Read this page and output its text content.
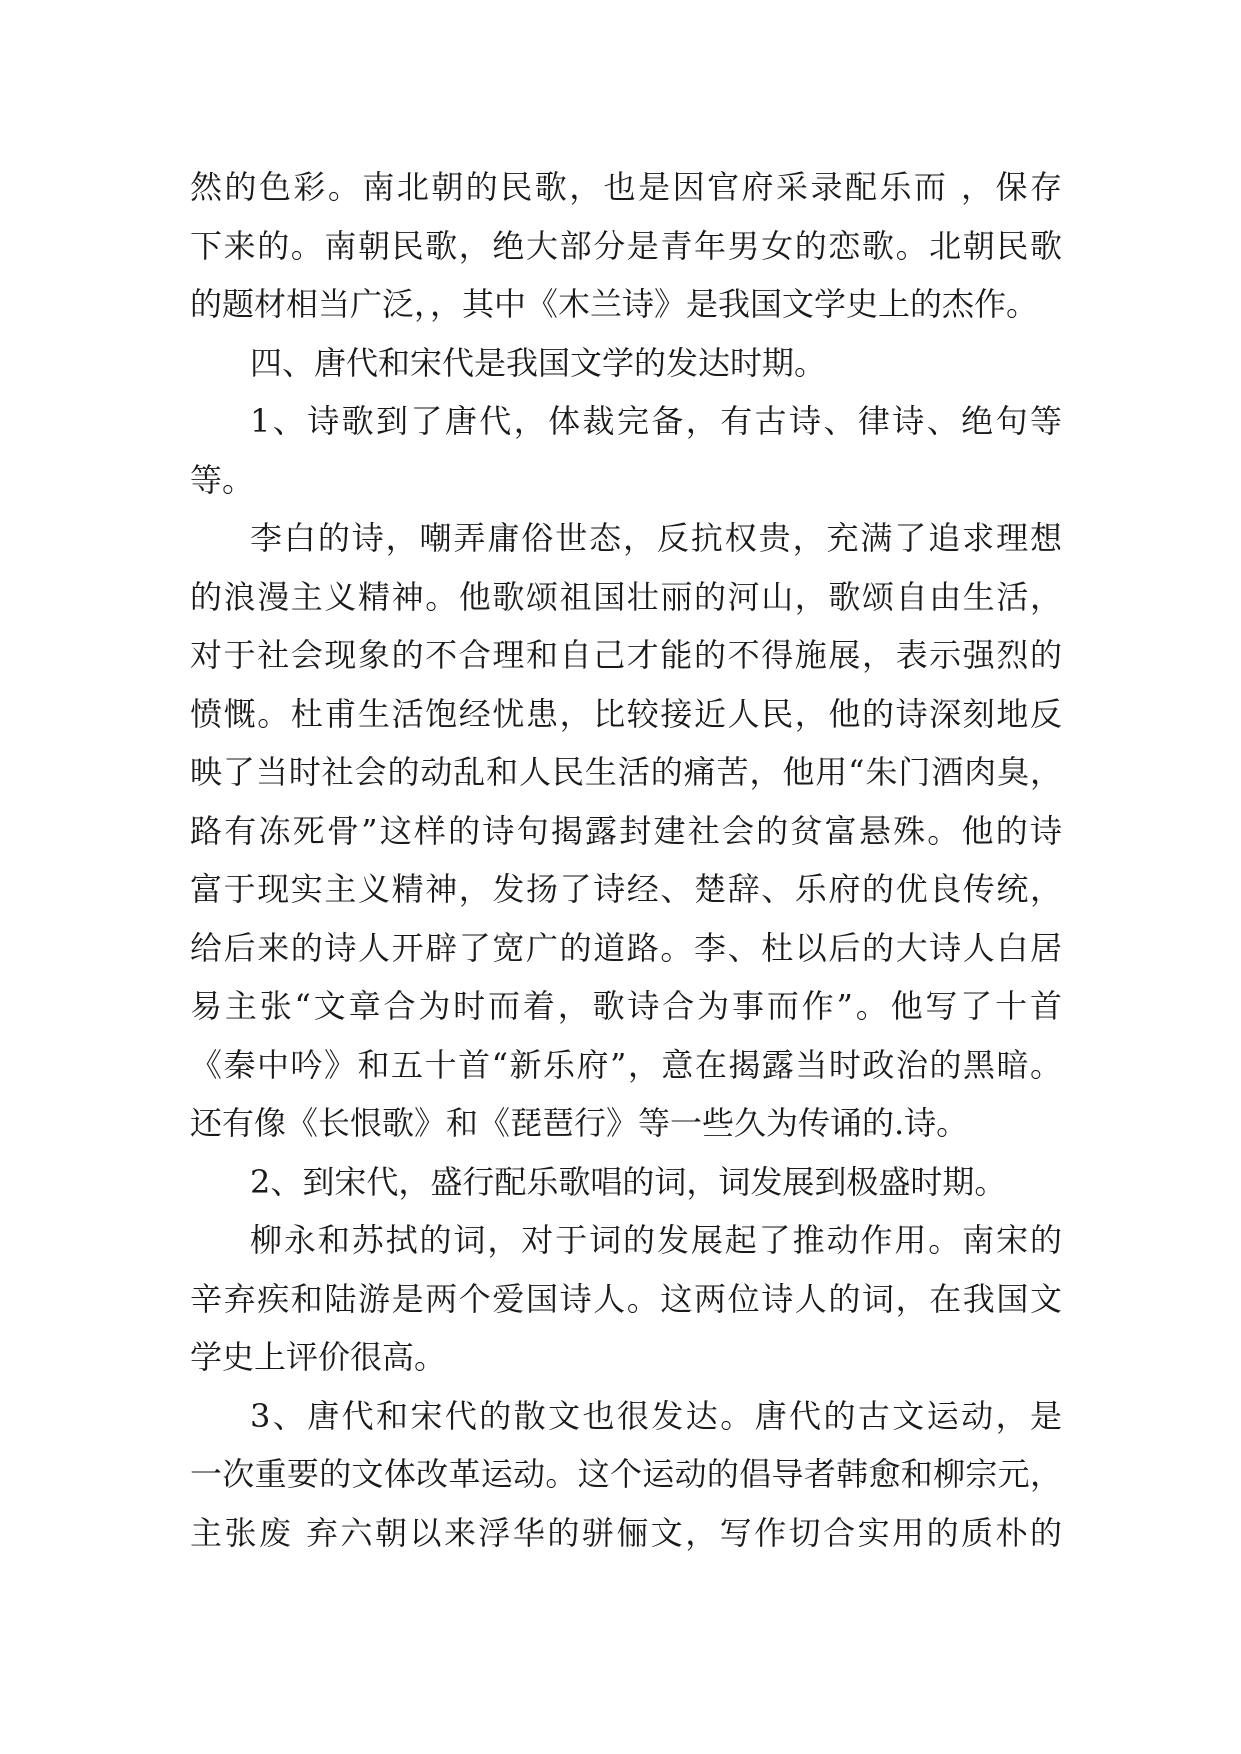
然的色彩。南北朝的民歌，也是因官府采录配乐而 ，保存
下来的。南朝民歌，绝大部分是青年男女的恋歌。北朝民歌
的题材相当广泛，，其中《木兰诗》是我国文学史上的杰作。
四、唐代和宋代是我国文学的发达时期。
1、诗歌到了唐代，体裁完备，有古诗、律诗、绝句等
等。
李白的诗，嘲弄庸俗世态，反抗权贵，充满了追求理想
的浪漫主义精神。他歌颂祖国壮丽的河山，歌颂自由生活，
对于社会现象的不合理和自己才能的不得施展，表示强烈的
愤慨。杜甫生活饱经忧患，比较接近人民，他的诗深刻地反
映了当时社会的动乱和人民生活的痛苦，他用“朱门酒肉臭，
路有冻死骨”这样的诗句揭露封建社会的贫富悬殊。他的诗
富于现实主义精神，发扬了诗经、楚辞、乐府的优良传统，
给后来的诗人开辟了宽广的道路。李、杜以后的大诗人白居
易主张“文章合为时而着，歌诗合为事而作”。他写了十首
《秦中吟》和五十首“新乐府”，意在揭露当时政治的黑暗。
还有像《长恨歌》和《琵琶行》等一些久为传诵的.诗。
2、到宋代，盛行配乐歌唱的词，词发展到极盛时期。
柳永和苏拭的词，对于词的发展起了推动作用。南宋的
辛弃疾和陆游是两个爱国诗人。这两位诗人的词，在我国文
学史上评价很高。
3、唐代和宋代的散文也很发达。唐代的古文运动，是
一次重要的文体改革运动。这个运动的倡导者韩愈和柳宗元，
主张废 弃六朝以来浮华的骈俪文，写作切合实用的质朴的
